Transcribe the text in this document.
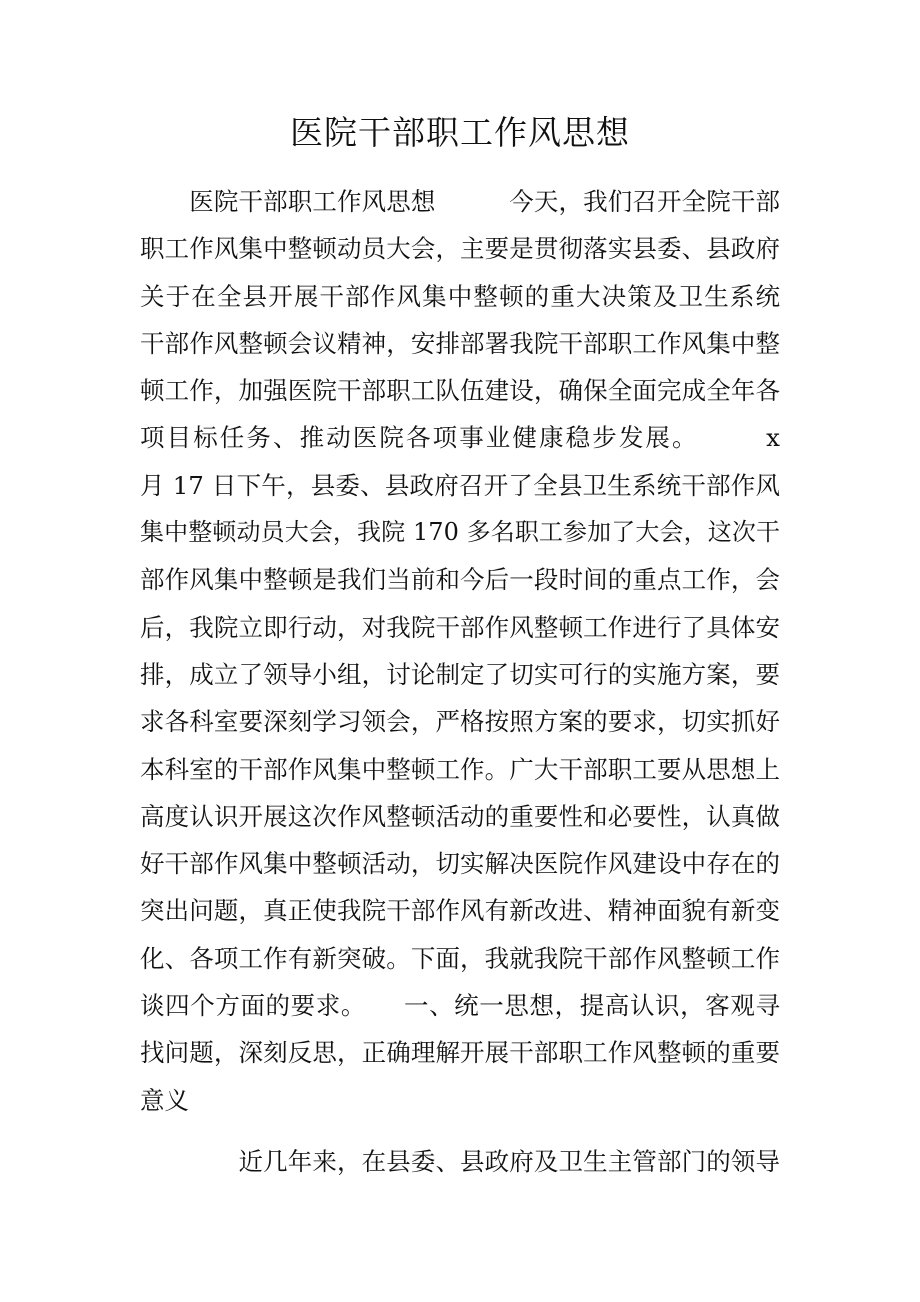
医院干部职工作风思想
　　医院干部职工作风思想　　　今天，我们召开全院干部
职工作风集中整顿动员大会，主要是贯彻落实县委、县政府
关于在全县开展干部作风集中整顿的重大决策及卫生系统
干部作风整顿会议精神，安排部署我院干部职工作风集中整
顿工作，加强医院干部职工队伍建设，确保全面完成全年各
项目标任务、推动医院各项事业健康稳步发展。　　　x
月 17 日下午，县委、县政府召开了全县卫生系统干部作风
集中整顿动员大会，我院 170 多名职工参加了大会，这次干
部作风集中整顿是我们当前和今后一段时间的重点工作，会
后，我院立即行动，对我院干部作风整顿工作进行了具体安
排，成立了领导小组，讨论制定了切实可行的实施方案，要
求各科室要深刻学习领会，严格按照方案的要求，切实抓好
本科室的干部作风集中整顿工作。广大干部职工要从思想上
高度认识开展这次作风整顿活动的重要性和必要性，认真做
好干部作风集中整顿活动，切实解决医院作风建设中存在的
突出问题，真正使我院干部作风有新改进、精神面貌有新变
化、各项工作有新突破。下面，我就我院干部作风整顿工作
谈四个方面的要求。　　一、统一思想，提高认识，客观寻
找问题，深刻反思，正确理解开展干部职工作风整顿的重要
意义
　　　　近几年来，在县委、县政府及卫生主管部门的领导
